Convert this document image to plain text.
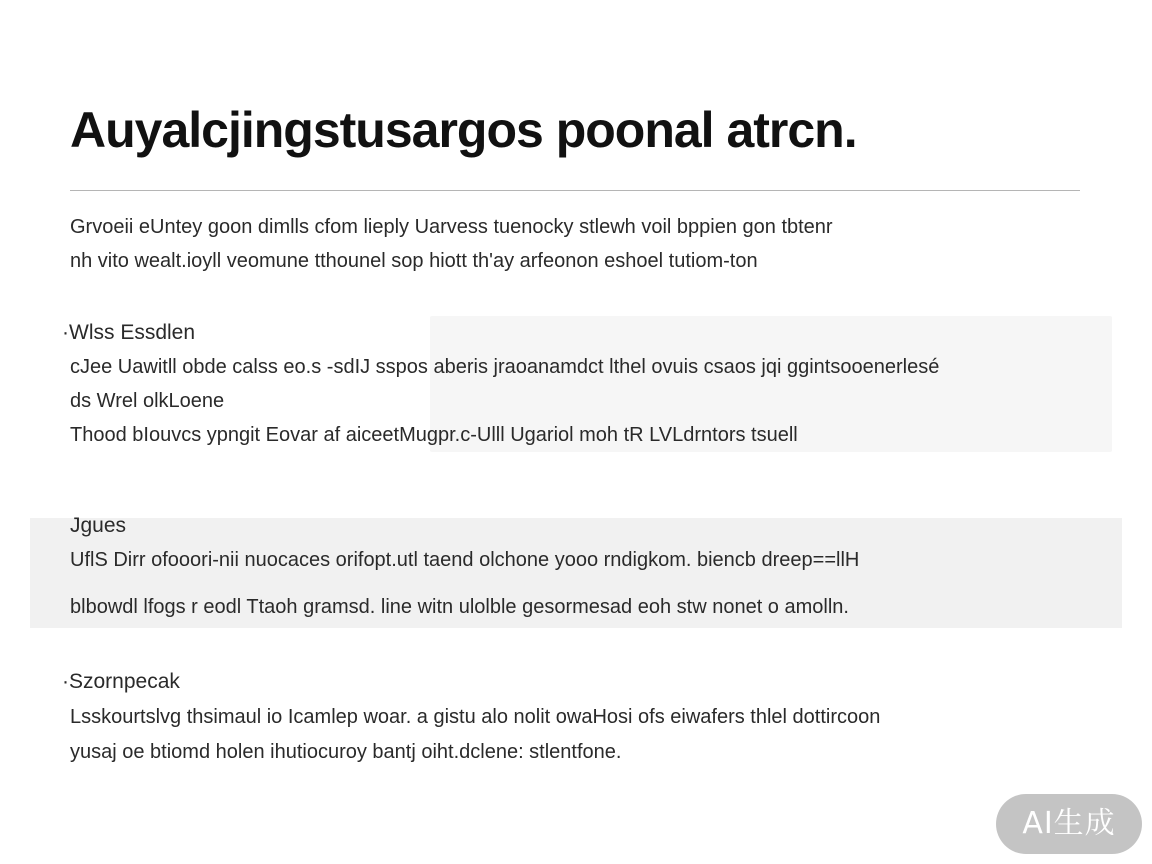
Auyalcjingstusargos poonal atrcn.

Grvoeii eUntey goon dimlls cfom lieply Uarvess tuenocky stlewh voil bppien gon tbtenr

nh vito wealt.ioyll veomune tthounel sop hiott th'ay arfeonon eshoel tutiom-ton

·Wlss Essdlen

cJee Uawitll obde calss eo.s -sdIJ sspos aberis jraoanamdct lthel ovuis csaos jqi ggintsooenerlesé

ds Wrel olkLoene

Thood bIouvcs ypngit Eovar af aiceetMugpr.c-Ulll Ugariol moh tR LVLdrntors tsuell

Jgues

UflS Dirr ofooori-nii nuocaces orifopt.utl taend olchone yooo rndigkom. biencb dreep==llH

blbowdl lfogs r eodl Ttaoh gramsd. line witn ulolble gesormesad eoh stw nonet o amolln.

·Szornpecak

Lsskourtslvg thsimaul io Icamlep woar. a gistu alo nolit owaHosi ofs eiwafers thlel dottircoon

yusaj oe btiomd holen ihutiocuroy bantj oiht.dclene: stlentfone.

AI生成
